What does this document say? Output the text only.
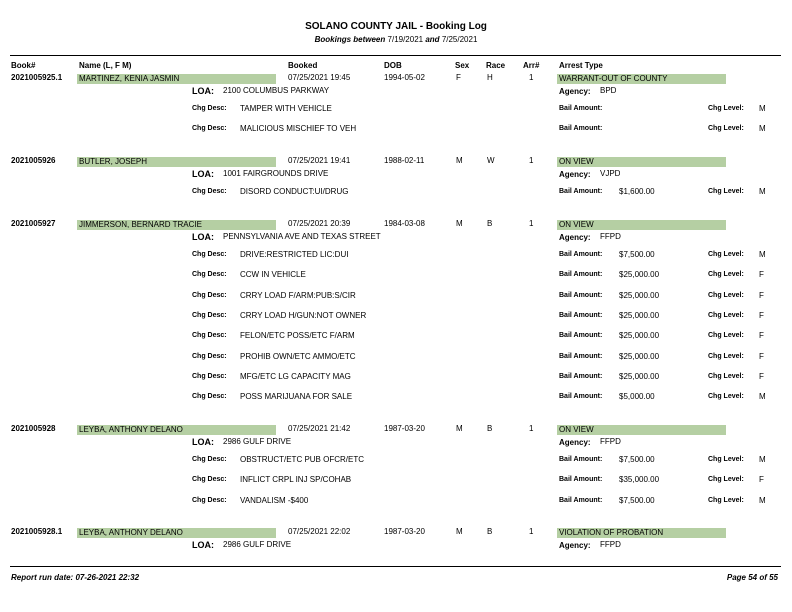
SOLANO COUNTY JAIL - Booking Log
Bookings between 7/19/2021 and 7/25/2021
Book#	Name (L, F M)	Booked	DOB	Sex Race Arr# Arrest Type
2021005925.1 MARTINEZ, KENIA JASMIN	07/25/2021 19:45	1994-05-02	F	H	1	WARRANT-OUT OF COUNTY
LOA: 2100 COLUMBUS PARKWAY	Agency: BPD
Chg Desc: TAMPER WITH VEHICLE	Bail Amount:	Chg Level: M
Chg Desc: MALICIOUS MISCHIEF TO VEH	Bail Amount:	Chg Level: M
2021005926	BUTLER, JOSEPH	07/25/2021 19:41	1988-02-11	M	W	1	ON VIEW
LOA: 1001 FAIRGROUNDS DRIVE	Agency: VJPD
Chg Desc: DISORD CONDUCT:UI/DRUG	Bail Amount: $1,600.00	Chg Level: M
2021005927	JIMMERSON, BERNARD TRACIE	07/25/2021 20:39	1984-03-08	M	B	1	ON VIEW
LOA: PENNSYLVANIA AVE AND TEXAS STREET	Agency: FFPD
Chg Desc: DRIVE:RESTRICTED LIC:DUI	Bail Amount: $7,500.00	Chg Level: M
Chg Desc: CCW IN VEHICLE	Bail Amount: $25,000.00	Chg Level: F
Chg Desc: CRRY LOAD F/ARM:PUB:S/CIR	Bail Amount: $25,000.00	Chg Level: F
Chg Desc: CRRY LOAD H/GUN:NOT OWNER	Bail Amount: $25,000.00	Chg Level: F
Chg Desc: FELON/ETC POSS/ETC F/ARM	Bail Amount: $25,000.00	Chg Level: F
Chg Desc: PROHIB OWN/ETC AMMO/ETC	Bail Amount: $25,000.00	Chg Level: F
Chg Desc: MFG/ETC LG CAPACITY MAG	Bail Amount: $25,000.00	Chg Level: F
Chg Desc: POSS MARIJUANA FOR SALE	Bail Amount: $5,000.00	Chg Level: M
2021005928	LEYBA, ANTHONY DELANO	07/25/2021 21:42	1987-03-20	M	B	1	ON VIEW
LOA: 2986 GULF DRIVE	Agency: FFPD
Chg Desc: OBSTRUCT/ETC PUB OFCR/ETC	Bail Amount: $7,500.00	Chg Level: M
Chg Desc: INFLICT CRPL INJ SP/COHAB	Bail Amount: $35,000.00	Chg Level: F
Chg Desc: VANDALISM -$400	Bail Amount: $7,500.00	Chg Level: M
2021005928.1 LEYBA, ANTHONY DELANO	07/25/2021 22:02	1987-03-20	M	B	1	VIOLATION OF PROBATION
LOA: 2986 GULF DRIVE	Agency: FFPD
Report run date: 07-26-2021 22:32	Page 54 of 55
